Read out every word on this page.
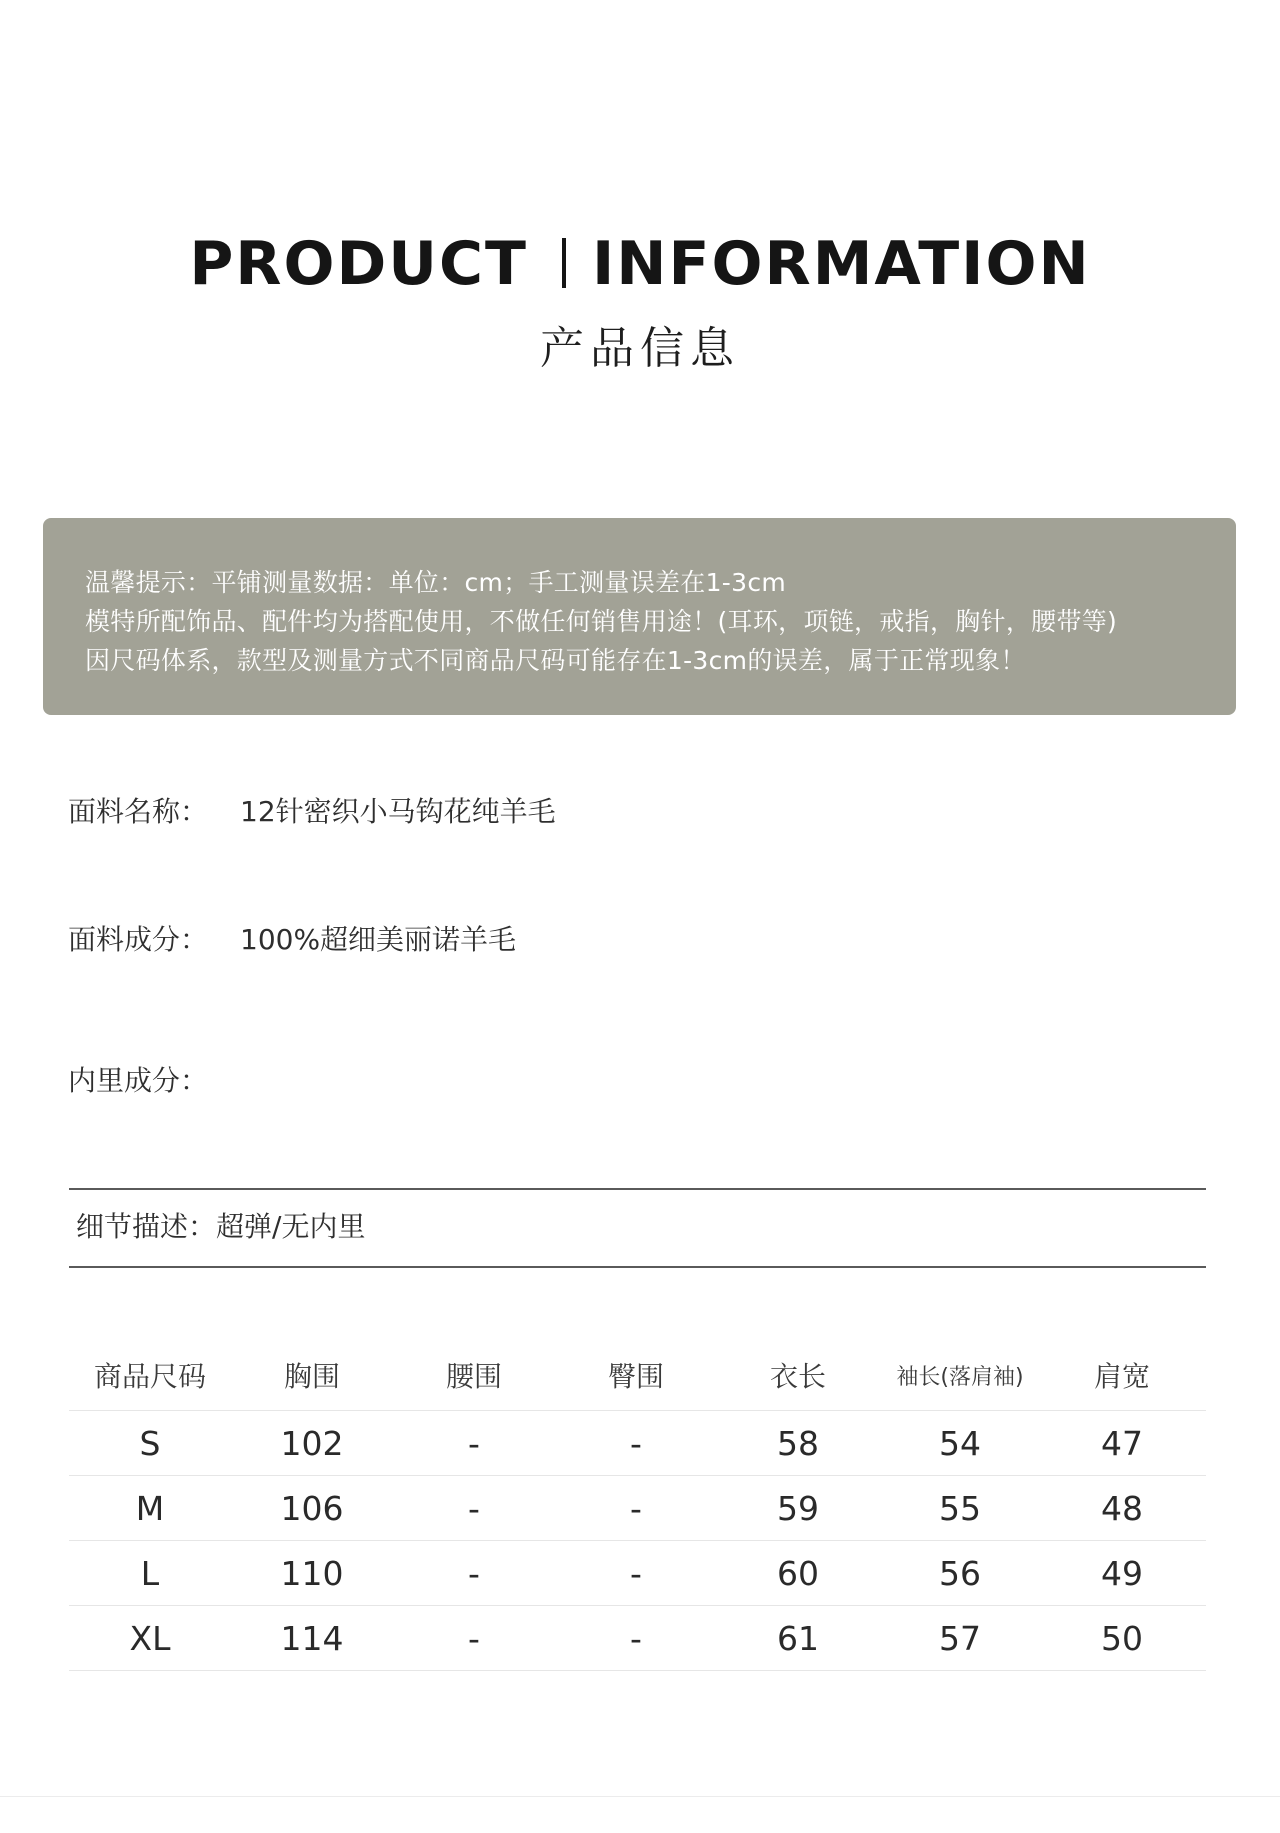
PRODUCT INFORMATION
产品信息
温馨提示：平铺测量数据：单位：cm；手工测量误差在1-3cm
模特所配饰品、配件均为搭配使用，不做任何销售用途！(耳环，项链，戒指，胸针，腰带等)
因尺码体系，款型及测量方式不同商品尺码可能存在1-3cm的误差，属于正常现象！
面料名称： 12针密织小马钩花纯羊毛
面料成分： 100%超细美丽诺羊毛
内里成分：
细节描述：超弹/无内里
商品尺码	胸围	腰围	臀围	衣长	袖长(落肩袖)	肩宽
S	102	-	-	58	54	47
M	106	-	-	59	55	48
L	110	-	-	60	56	49
XL	114	-	-	61	57	50
